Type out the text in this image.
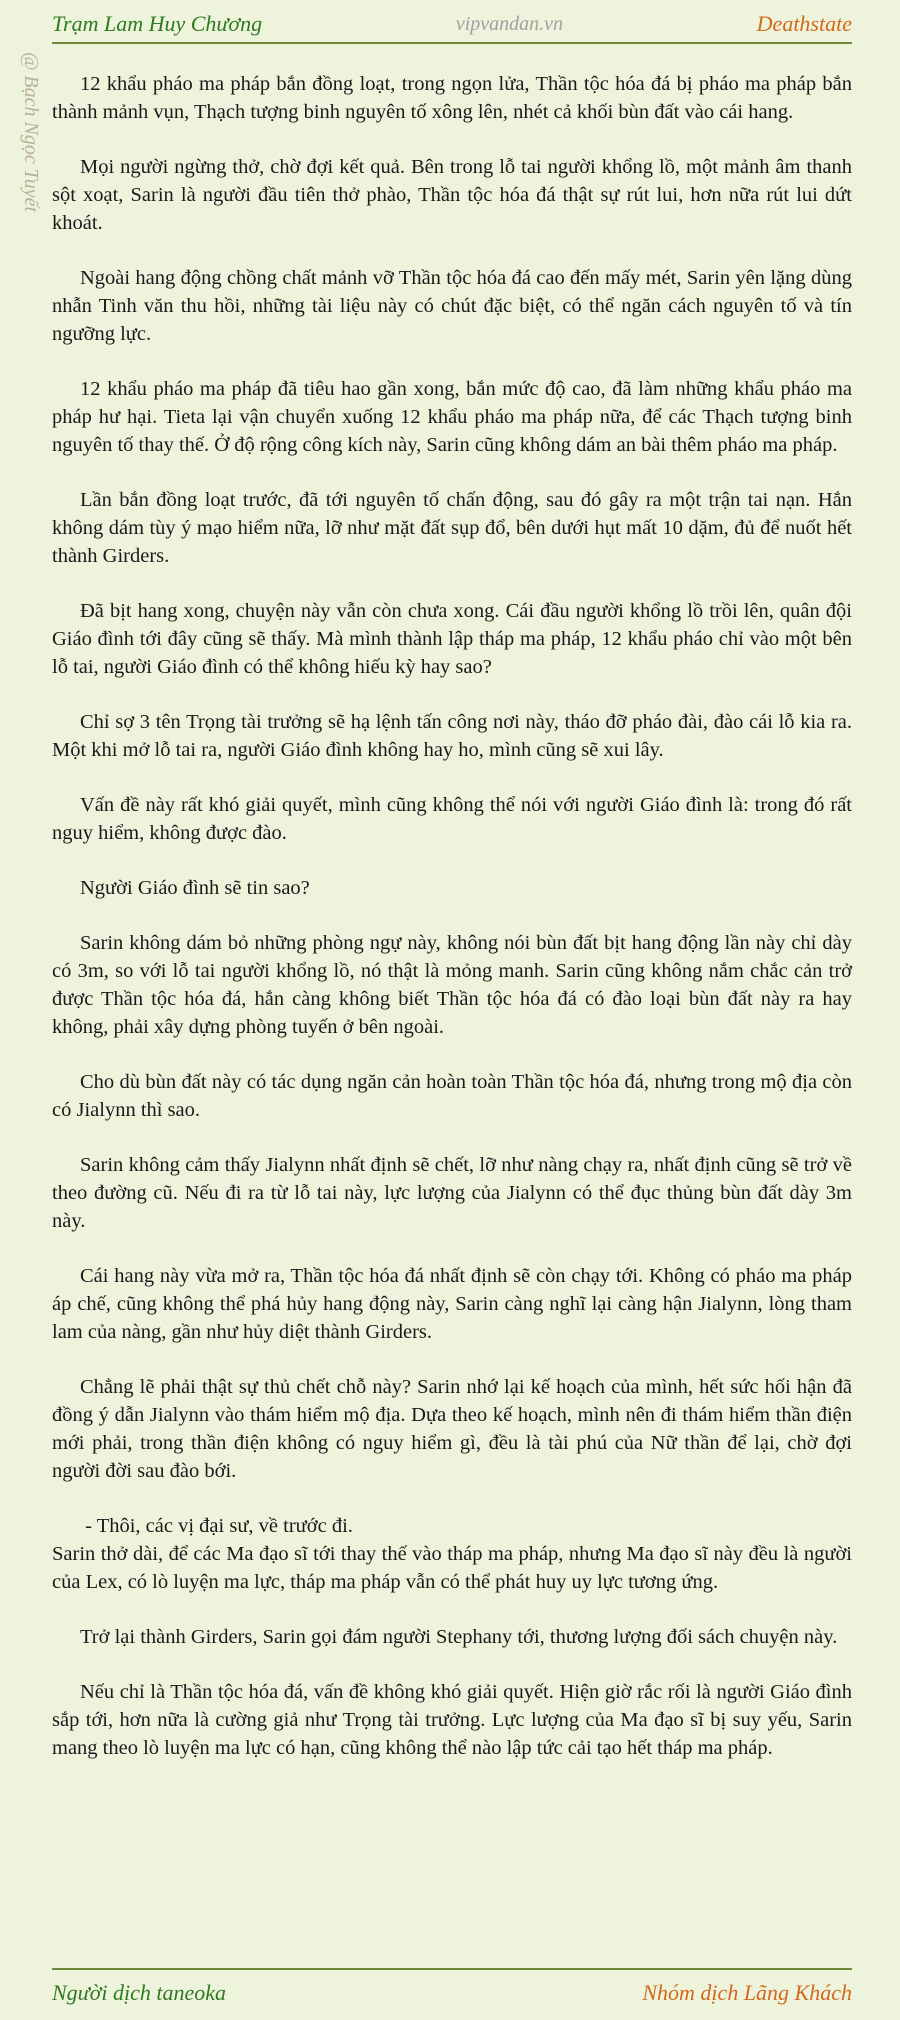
Trạm Lam Huy Chương	vipvandan.vn	Deathstate
@ Bạch Ngọc Tuyết	12 khẩu pháo ma pháp bắn đồng loạt, trong ngọn lửa, Thần tộc hóa đá bị pháo ma pháp bắn thành mảnh vụn, Thạch tượng binh nguyên tố xông lên, nhét cả khối bùn đất vào cái hang.

Mọi người ngừng thở, chờ đợi kết quả. Bên trong lỗ tai người khổng lồ, một mảnh âm thanh sột xoạt, Sarin là người đầu tiên thở phào, Thần tộc hóa đá thật sự rút lui, hơn nữa rút lui dứt khoát.

Ngoài hang động chồng chất mảnh vỡ Thần tộc hóa đá cao đến mấy mét, Sarin yên lặng dùng nhẫn Tinh văn thu hồi, những tài liệu này có chút đặc biệt, có thể ngăn cách nguyên tố và tín ngưỡng lực.

12 khẩu pháo ma pháp đã tiêu hao gần xong, bắn mức độ cao, đã làm những khẩu pháo ma pháp hư hại. Tieta lại vận chuyển xuống 12 khẩu pháo ma pháp nữa, để các Thạch tượng binh nguyên tố thay thế. Ở độ rộng công kích này, Sarin cũng không dám an bài thêm pháo ma pháp.

Lần bắn đồng loạt trước, đã tới nguyên tố chấn động, sau đó gây ra một trận tai nạn. Hắn không dám tùy ý mạo hiểm nữa, lỡ như mặt đất sụp đổ, bên dưới hụt mất 10 dặm, đủ để nuốt hết thành Girders.

Đã bịt hang xong, chuyện này vẫn còn chưa xong. Cái đầu người khổng lồ trồi lên, quân đội Giáo đình tới đây cũng sẽ thấy. Mà mình thành lập tháp ma pháp, 12 khẩu pháo chỉ vào một bên lỗ tai, người Giáo đình có thể không hiếu kỳ hay sao?

Chỉ sợ 3 tên Trọng tài trưởng sẽ hạ lệnh tấn công nơi này, tháo đỡ pháo đài, đào cái lỗ kia ra. Một khi mở lỗ tai ra, người Giáo đình không hay ho, mình cũng sẽ xui lây.

Vấn đề này rất khó giải quyết, mình cũng không thể nói với người Giáo đình là: trong đó rất nguy hiểm, không được đào.

Người Giáo đình sẽ tin sao?

Sarin không dám bỏ những phòng ngự này, không nói bùn đất bịt hang động lần này chỉ dày có 3m, so với lỗ tai người khổng lồ, nó thật là mỏng manh. Sarin cũng không nắm chắc cản trở được Thần tộc hóa đá, hắn càng không biết Thần tộc hóa đá có đào loại bùn đất này ra hay không, phải xây dựng phòng tuyến ở bên ngoài.

Cho dù bùn đất này có tác dụng ngăn cản hoàn toàn Thần tộc hóa đá, nhưng trong mộ địa còn có Jialynn thì sao.

Sarin không cảm thấy Jialynn nhất định sẽ chết, lỡ như nàng chạy ra, nhất định cũng sẽ trở về theo đường cũ. Nếu đi ra từ lỗ tai này, lực lượng của Jialynn có thể đục thủng bùn đất dày 3m này.

Cái hang này vừa mở ra, Thần tộc hóa đá nhất định sẽ còn chạy tới. Không có pháo ma pháp áp chế, cũng không thể phá hủy hang động này, Sarin càng nghĩ lại càng hận Jialynn, lòng tham lam của nàng, gần như hủy diệt thành Girders.

Chẳng lẽ phải thật sự thủ chết chỗ này? Sarin nhớ lại kế hoạch của mình, hết sức hối hận đã đồng ý dẫn Jialynn vào thám hiểm mộ địa. Dựa theo kế hoạch, mình nên đi thám hiểm thần điện mới phải, trong thần điện không có nguy hiểm gì, đều là tài phú của Nữ thần để lại, chờ đợi người đời sau đào bới.

- Thôi, các vị đại sư, về trước đi.

Sarin thở dài, để các Ma đạo sĩ tới thay thế vào tháp ma pháp, nhưng Ma đạo sĩ này đều là người của Lex, có lò luyện ma lực, tháp ma pháp vẫn có thể phát huy uy lực tương ứng.

Trở lại thành Girders, Sarin gọi đám người Stephany tới, thương lượng đối sách chuyện này.

Nếu chỉ là Thần tộc hóa đá, vấn đề không khó giải quyết. Hiện giờ rắc rối là người Giáo đình sắp tới, hơn nữa là cường giả như Trọng tài trưởng. Lực lượng của Ma đạo sĩ bị suy yếu, Sarin mang theo lò luyện ma lực có hạn, cũng không thể nào lập tức cải tạo hết tháp ma pháp.

Người dịch taneoka	Nhóm dịch Lãng Khách
